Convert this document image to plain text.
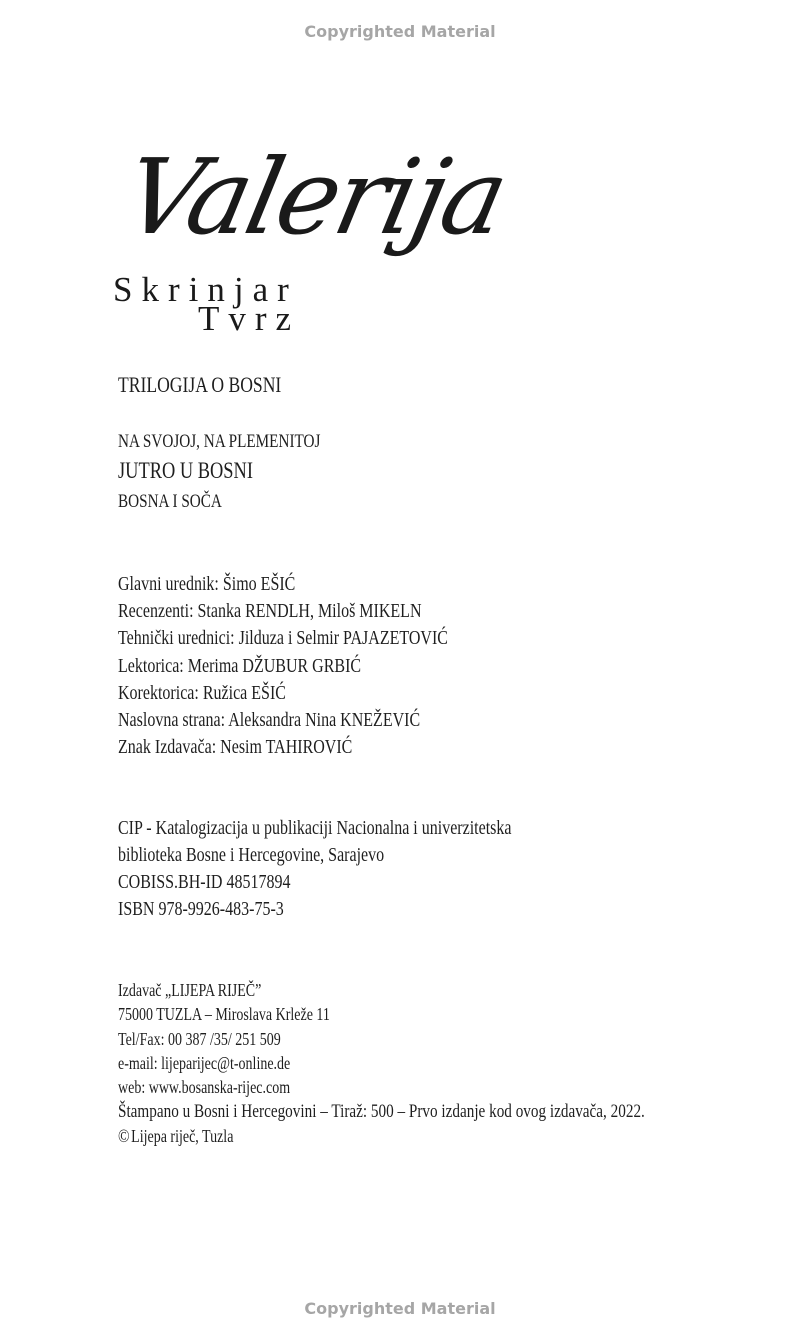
Copyrighted Material
Valerija
Skrinjar
Tvrz
TRILOGIJA O BOSNI
NA SVOJOJ, NA PLEMENITOJ
JUTRO U BOSNI
BOSNA I SOČA
Glavni urednik: Šimo EŠIĆ
Recenzenti: Stanka RENDLH, Miloš MIKELN
Tehnički urednici: Jilduza i Selmir PAJAZETOVIĆ
Lektorica: Merima DŽUBUR GRBIĆ
Korektorica: Ružica EŠIĆ
Naslovna strana: Aleksandra Nina KNEŽEVIĆ
Znak Izdavača: Nesim TAHIROVIĆ
CIP - Katalogizacija u publikaciji Nacionalna i univerzitetska
biblioteka Bosne i Hercegovine, Sarajevo
COBISS.BH-ID 48517894
ISBN 978-9926-483-75-3
Izdavač „LIJEPA RIJEČ”
75000 TUZLA – Miroslava Krleže 11
Tel/Fax: 00 387 /35/ 251 509
e-mail: lijeparijec@t-online.de
web: www.bosanska-rijec.com
Štampano u Bosni i Hercegovini – Tiraž: 500 – Prvo izdanje kod ovog izdavača, 2022.
©Lijepa riječ, Tuzla
Copyrighted Material
